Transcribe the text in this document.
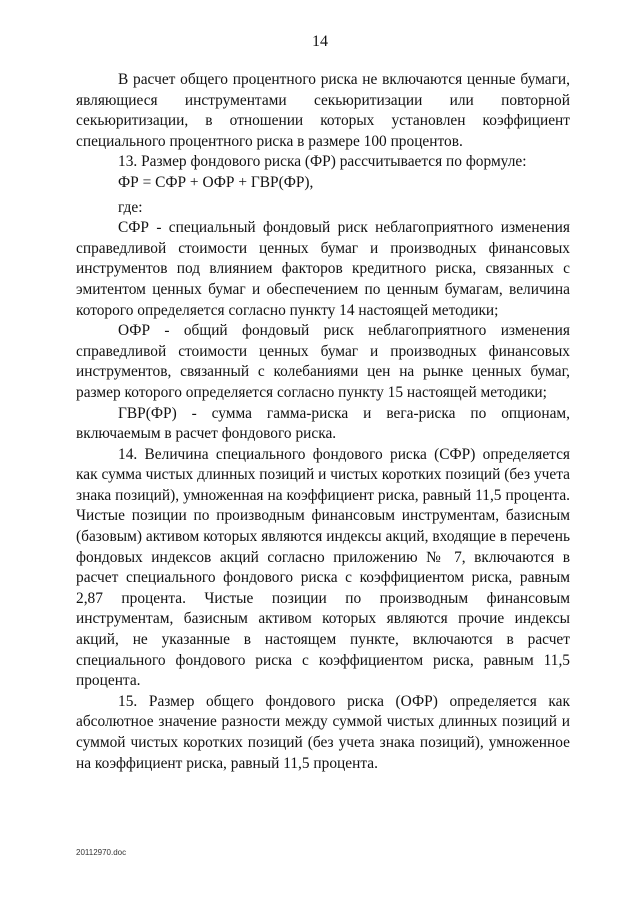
14

В расчет общего процентного риска не включаются ценные бумаги, являющиеся инструментами секьюритизации или повторной секьюритизации, в отношении которых установлен коэффициент специального процентного риска в размере 100 процентов.

13. Размер фондового риска (ФР) рассчитывается по формуле:

ФР = СФР + ОФР + ГВР(ФР),

где:

СФР - специальный фондовый риск неблагоприятного изменения справедливой стоимости ценных бумаг и производных финансовых инструментов под влиянием факторов кредитного риска, связанных с эмитентом ценных бумаг и обеспечением по ценным бумагам, величина которого определяется согласно пункту 14 настоящей методики;

ОФР - общий фондовый риск неблагоприятного изменения справедливой стоимости ценных бумаг и производных финансовых инструментов, связанный с колебаниями цен на рынке ценных бумаг, размер которого определяется согласно пункту 15 настоящей методики;

ГВР(ФР) - сумма гамма-риска и вега-риска по опционам, включаемым в расчет фондового риска.

14. Величина специального фондового риска (СФР) определяется как сумма чистых длинных позиций и чистых коротких позиций (без учета знака позиций), умноженная на коэффициент риска, равный 11,5 процента. Чистые позиции по производным финансовым инструментам, базисным (базовым) активом которых являются индексы акций, входящие в перечень фондовых индексов акций согласно приложению № 7, включаются в расчет специального фондового риска с коэффициентом риска, равным 2,87 процента. Чистые позиции по производным финансовым инструментам, базисным активом которых являются прочие индексы акций, не указанные в настоящем пункте, включаются в расчет специального фондового риска с коэффициентом риска, равным 11,5 процента.

15. Размер общего фондового риска (ОФР) определяется как абсолютное значение разности между суммой чистых длинных позиций и суммой чистых коротких позиций (без учета знака позиций), умноженное на коэффициент риска, равный 11,5 процента.

20112970.doc
